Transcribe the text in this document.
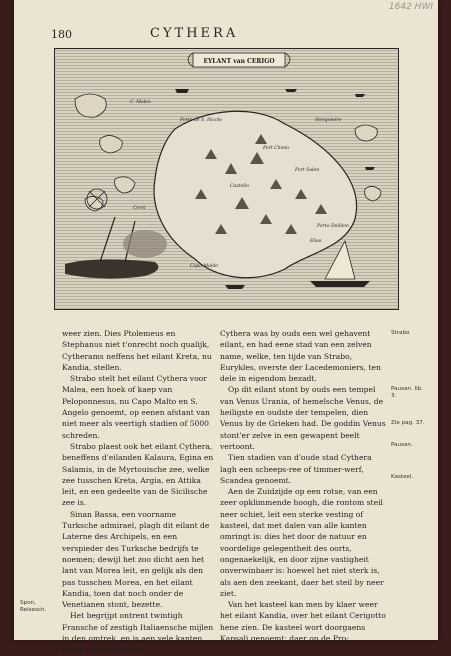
1642 HWI
180	CYTHERA
EYLANT van CERIGO
C. Maleo
Stregonere
Porto de S. Nicolo
Castello
Port Chielo
Port Salen
Porto Dolilion
Cervi
Capo Maldo
Elias

weer zien. Dies Ptolemeus en Stephanus niet t'onrecht noch qualijk, Cytherams neffens het eilant Kreta, nu Kandia, stellen.

Strabo stelt het eilant Cythera voor Malea, een hoek of kaep van Peloponnesus, nu Capo Malto en S. Angelo genoemt, op eenen afstant van niet meer als veertigh stadien of 5000 schreden.

Strabo plaest ook het eilant Cythera, beneffens d'eilanden Kalaura, Egina en Salamis, in de Myrtouische zee, welke zee tusschen Kreta, Argia, en Attika leit, en een gedeelte van de Sicilische zee is.

Sinan Bassa, een voorname Turksche admirael, plagh dit eilant de Laterne des Archipels, en een verspieder des Turksche bedrijfs te noemen; dewijl het zoo dicht aen het lant van Morea leit, en gelijk als den pas tusschen Morea, en het eilant Kandia, toen dat noch onder de Venetianen stont, bezette.

Het begrijpt ontrent twintigh Fransche of zestigh Italiaensche mijlen in den omtrek, en is aen vele kanten met klippen omringt.

Cythera was by ouds een wel gehavent eilant, en had eene stad van een zelven name, welke, ten tijde van Strabo, Eurykles, overste der Lacedemoniers, ten dele in eigendom bezadt.

Op dit eilant stont by ouds een tempel van Venus Urania, of hemelsche Venus, de heiligste en oudste der tempelen, dien Venus by de Grieken had. De goddin Venus stont'er zelve in een gewapent beelt vertoont.

Tien stadien van d'oude stad Cythera lagh een scheeps-ree of timmer-werf, Scandea genoemt.

Aen de Zuidzijde op een rotse, van een zeer opklimmende hoogh, die rontom steil neer schiet, leit een sterke vesting of kasteel, dat met dalen van alle kanten omringt is: dies het door de natuur en voordelige gelegentheit des oorts, ongenaekelijk, en door zijne vastigheit onverwinbaer is: hoewel het niet sterk is, als aen den zeekant, daer het steil by neer ziet.

Van het kasteel kan men by klaer weer het eilant Kandia, over het eilant Cerigotto hene zien. De kasteel wort doorgaens Kapsali genoemt: daer op de Pro-

Strabo
Pausan. lib. 3.
Zie pag. 37.
Pausan.
Kasteel.
Spon, Reisesch.
